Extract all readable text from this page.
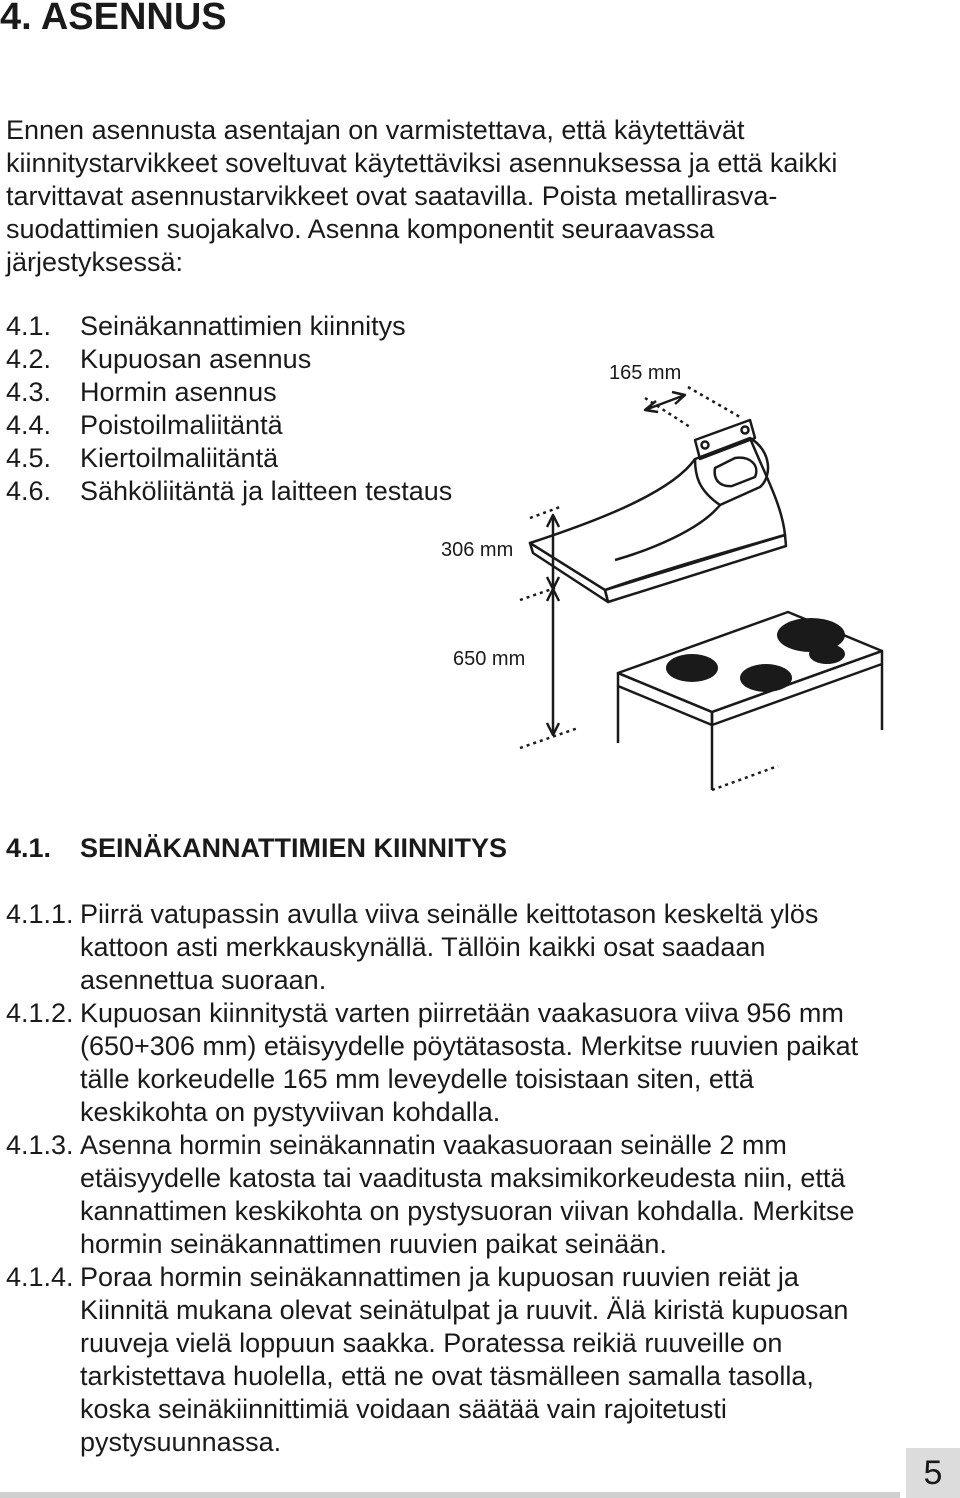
4. ASENNUS

Ennen asennusta asentajan on varmistettava, että käytettävät

kiinnitystarvikkeet soveltuvat käytettäviksi asennuksessa ja että kaikki

tarvittavat asennustarvikkeet ovat saatavilla. Poista metallirasva-

suodattimien suojakalvo. Asenna komponentit seuraavassa

järjestyksessä:

4.1.	Seinäkannattimien kiinnitys
4.2.	Kupuosan asennus
4.3.	Hormin asennus
4.4.	Poistoilmaliitäntä
4.5.	Kiertoilmaliitäntä
4.6.	Sähköliitäntä ja laitteen testaus
165 mm
306 mm
650 mm
4.1. SEINÄKANNATTIMIEN KIINNITYS
4.1.1. Piirrä vatupassin avulla viiva seinälle keittotason keskeltä ylös
kattoon asti merkkauskynällä. Tällöin kaikki osat saadaan
asennettua suoraan.
4.1.2. Kupuosan kiinnitystä varten piirretään vaakasuora viiva 956 mm
(650+306 mm) etäisyydelle pöytätasosta. Merkitse ruuvien paikat
tälle korkeudelle 165 mm leveydelle toisistaan siten, että
keskikohta on pystyviivan kohdalla.
4.1.3. Asenna hormin seinäkannatin vaakasuoraan seinälle 2 mm
etäisyydelle katosta tai vaaditusta maksimikorkeudesta niin, että
kannattimen keskikohta on pystysuoran viivan kohdalla. Merkitse
hormin seinäkannattimen ruuvien paikat seinään.
4.1.4. Poraa hormin seinäkannattimen ja kupuosan ruuvien reiät ja
Kiinnitä mukana olevat seinätulpat ja ruuvit. Älä kiristä kupuosan
ruuveja vielä loppuun saakka. Poratessa reikiä ruuveille on
tarkistettava huolella, että ne ovat täsmälleen samalla tasolla,
koska seinäkiinnittimiä voidaan säätää vain rajoitetusti
pystysuunnassa.
5
